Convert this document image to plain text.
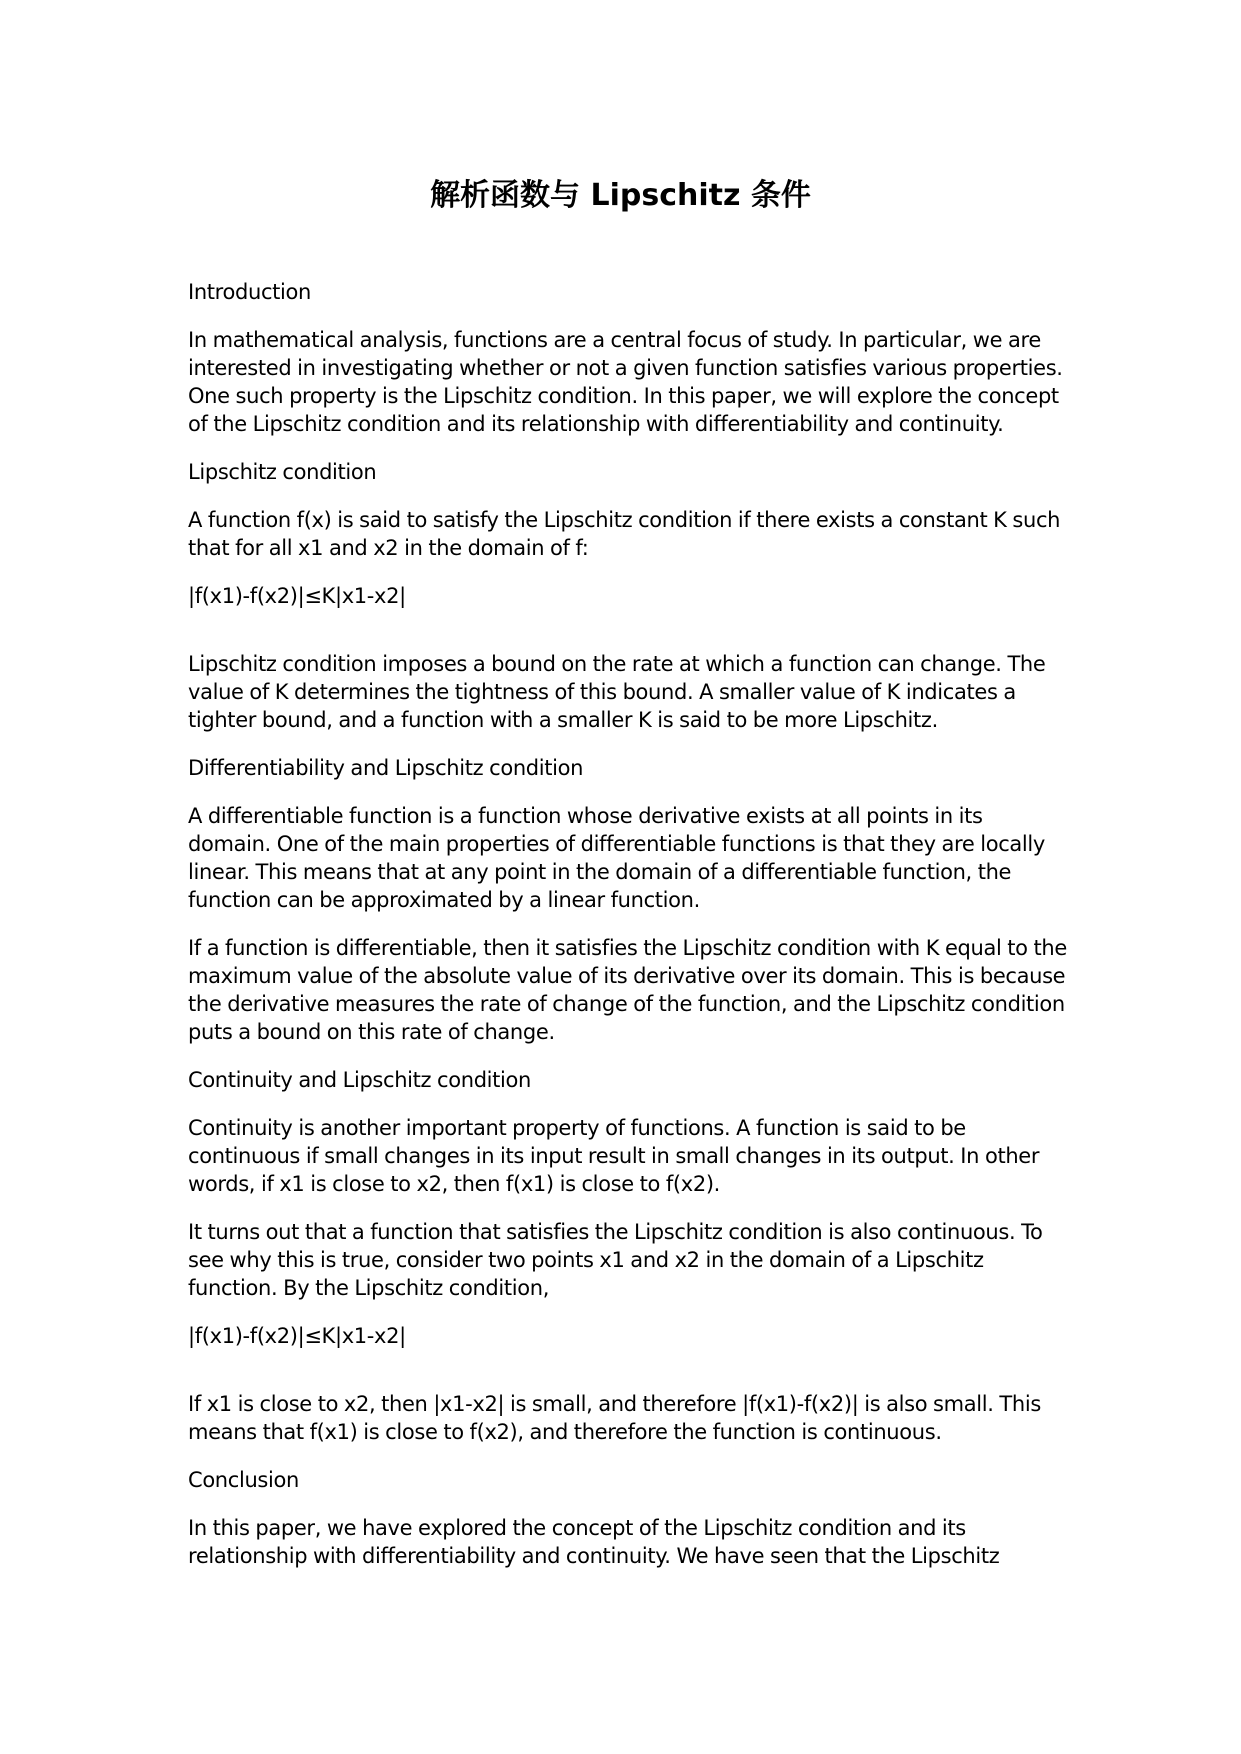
解析函数与 Lipschitz 条件

Introduction

In mathematical analysis, functions are a central focus of study. In particular, we are interested in investigating whether or not a given function satisfies various properties. One such property is the Lipschitz condition. In this paper, we will explore the concept of the Lipschitz condition and its relationship with differentiability and continuity.

Lipschitz condition

A function f(x) is said to satisfy the Lipschitz condition if there exists a constant K such that for all x1 and x2 in the domain of f:

|f(x1)-f(x2)|≤K|x1-x2|

Lipschitz condition imposes a bound on the rate at which a function can change. The value of K determines the tightness of this bound. A smaller value of K indicates a tighter bound, and a function with a smaller K is said to be more Lipschitz.

Differentiability and Lipschitz condition

A differentiable function is a function whose derivative exists at all points in its domain. One of the main properties of differentiable functions is that they are locally linear. This means that at any point in the domain of a differentiable function, the function can be approximated by a linear function.

If a function is differentiable, then it satisfies the Lipschitz condition with K equal to the maximum value of the absolute value of its derivative over its domain. This is because the derivative measures the rate of change of the function, and the Lipschitz condition puts a bound on this rate of change.

Continuity and Lipschitz condition

Continuity is another important property of functions. A function is said to be continuous if small changes in its input result in small changes in its output. In other words, if x1 is close to x2, then f(x1) is close to f(x2).

It turns out that a function that satisfies the Lipschitz condition is also continuous. To see why this is true, consider two points x1 and x2 in the domain of a Lipschitz function. By the Lipschitz condition,

|f(x1)-f(x2)|≤K|x1-x2|

If x1 is close to x2, then |x1-x2| is small, and therefore |f(x1)-f(x2)| is also small. This means that f(x1) is close to f(x2), and therefore the function is continuous.

Conclusion

In this paper, we have explored the concept of the Lipschitz condition and its relationship with differentiability and continuity. We have seen that the Lipschitz
